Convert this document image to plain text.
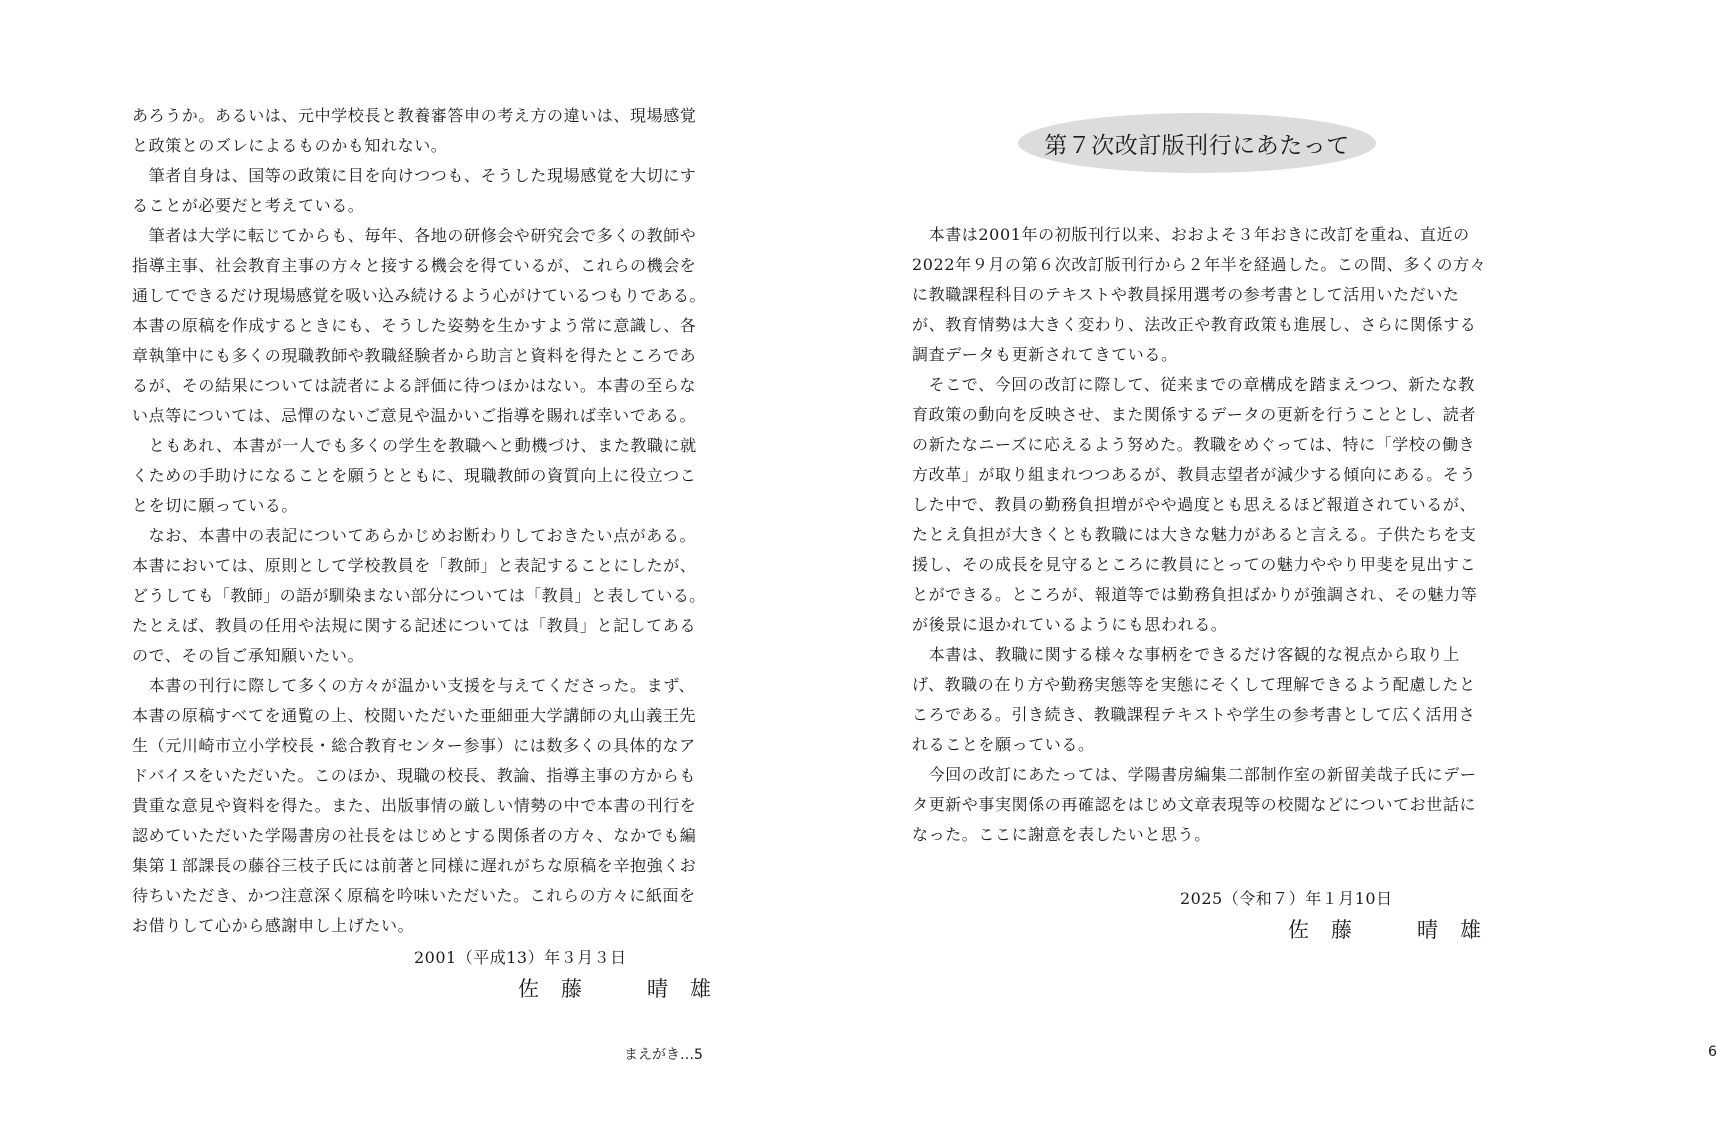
あろうか。あるいは、元中学校長と教養審答申の考え方の違いは、現場感覚
と政策とのズレによるものかも知れない。
　筆者自身は、国等の政策に目を向けつつも、そうした現場感覚を大切にす
ることが必要だと考えている。
　筆者は大学に転じてからも、毎年、各地の研修会や研究会で多くの教師や
指導主事、社会教育主事の方々と接する機会を得ているが、これらの機会を
通してできるだけ現場感覚を吸い込み続けるよう心がけているつもりである。
本書の原稿を作成するときにも、そうした姿勢を生かすよう常に意識し、各
章執筆中にも多くの現職教師や教職経験者から助言と資料を得たところであ
るが、その結果については読者による評価に待つほかはない。本書の至らな
い点等については、忌憚のないご意見や温かいご指導を賜れば幸いである。
　ともあれ、本書が一人でも多くの学生を教職へと動機づけ、また教職に就
くための手助けになることを願うとともに、現職教師の資質向上に役立つこ
とを切に願っている。
　なお、本書中の表記についてあらかじめお断わりしておきたい点がある。
本書においては、原則として学校教員を「教師」と表記することにしたが、
どうしても「教師」の語が馴染まない部分については「教員」と表している。
たとえば、教員の任用や法規に関する記述については「教員」と記してある
ので、その旨ご承知願いたい。
　本書の刊行に際して多くの方々が温かい支援を与えてくださった。まず、
本書の原稿すべてを通覧の上、校閲いただいた亜細亜大学講師の丸山義王先
生（元川崎市立小学校長・総合教育センター参事）には数多くの具体的なア
ドバイスをいただいた。このほか、現職の校長、教論、指導主事の方からも
貴重な意見や資料を得た。また、出版事情の厳しい情勢の中で本書の刊行を
認めていただいた学陽書房の社長をはじめとする関係者の方々、なかでも編
集第１部課長の藤谷三枝子氏には前著と同様に遅れがちな原稿を辛抱強くお
待ちいただき、かつ注意深く原稿を吟味いただいた。これらの方々に紙面を
お借りして心から感謝申し上げたい。
2001（平成13）年３月３日
佐藤　晴雄
まえがき…5
第７次改訂版刊行にあたって
　本書は2001年の初版刊行以来、おおよそ３年おきに改訂を重ね、直近の
2022年９月の第６次改訂版刊行から２年半を経過した。この間、多くの方々
に教職課程科目のテキストや教員採用選考の参考書として活用いただいた
が、教育情勢は大きく変わり、法改正や教育政策も進展し、さらに関係する
調査データも更新されてきている。
　そこで、今回の改訂に際して、従来までの章構成を踏まえつつ、新たな教
育政策の動向を反映させ、また関係するデータの更新を行うこととし、読者
の新たなニーズに応えるよう努めた。教職をめぐっては、特に「学校の働き
方改革」が取り組まれつつあるが、教員志望者が減少する傾向にある。そう
した中で、教員の勤務負担増がやや過度とも思えるほど報道されているが、
たとえ負担が大きくとも教職には大きな魅力があると言える。子供たちを支
援し、その成長を見守るところに教員にとっての魅力ややり甲斐を見出すこ
とができる。ところが、報道等では勤務負担ばかりが強調され、その魅力等
が後景に退かれているようにも思われる。
　本書は、教職に関する様々な事柄をできるだけ客観的な視点から取り上
げ、教職の在り方や勤務実態等を実態にそくして理解できるよう配慮したと
ころである。引き続き、教職課程テキストや学生の参考書として広く活用さ
れることを願っている。
　今回の改訂にあたっては、学陽書房編集二部制作室の新留美哉子氏にデー
タ更新や事実関係の再確認をはじめ文章表現等の校閲などについてお世話に
なった。ここに謝意を表したいと思う。
2025（令和７）年１月10日
佐藤　晴雄
6
